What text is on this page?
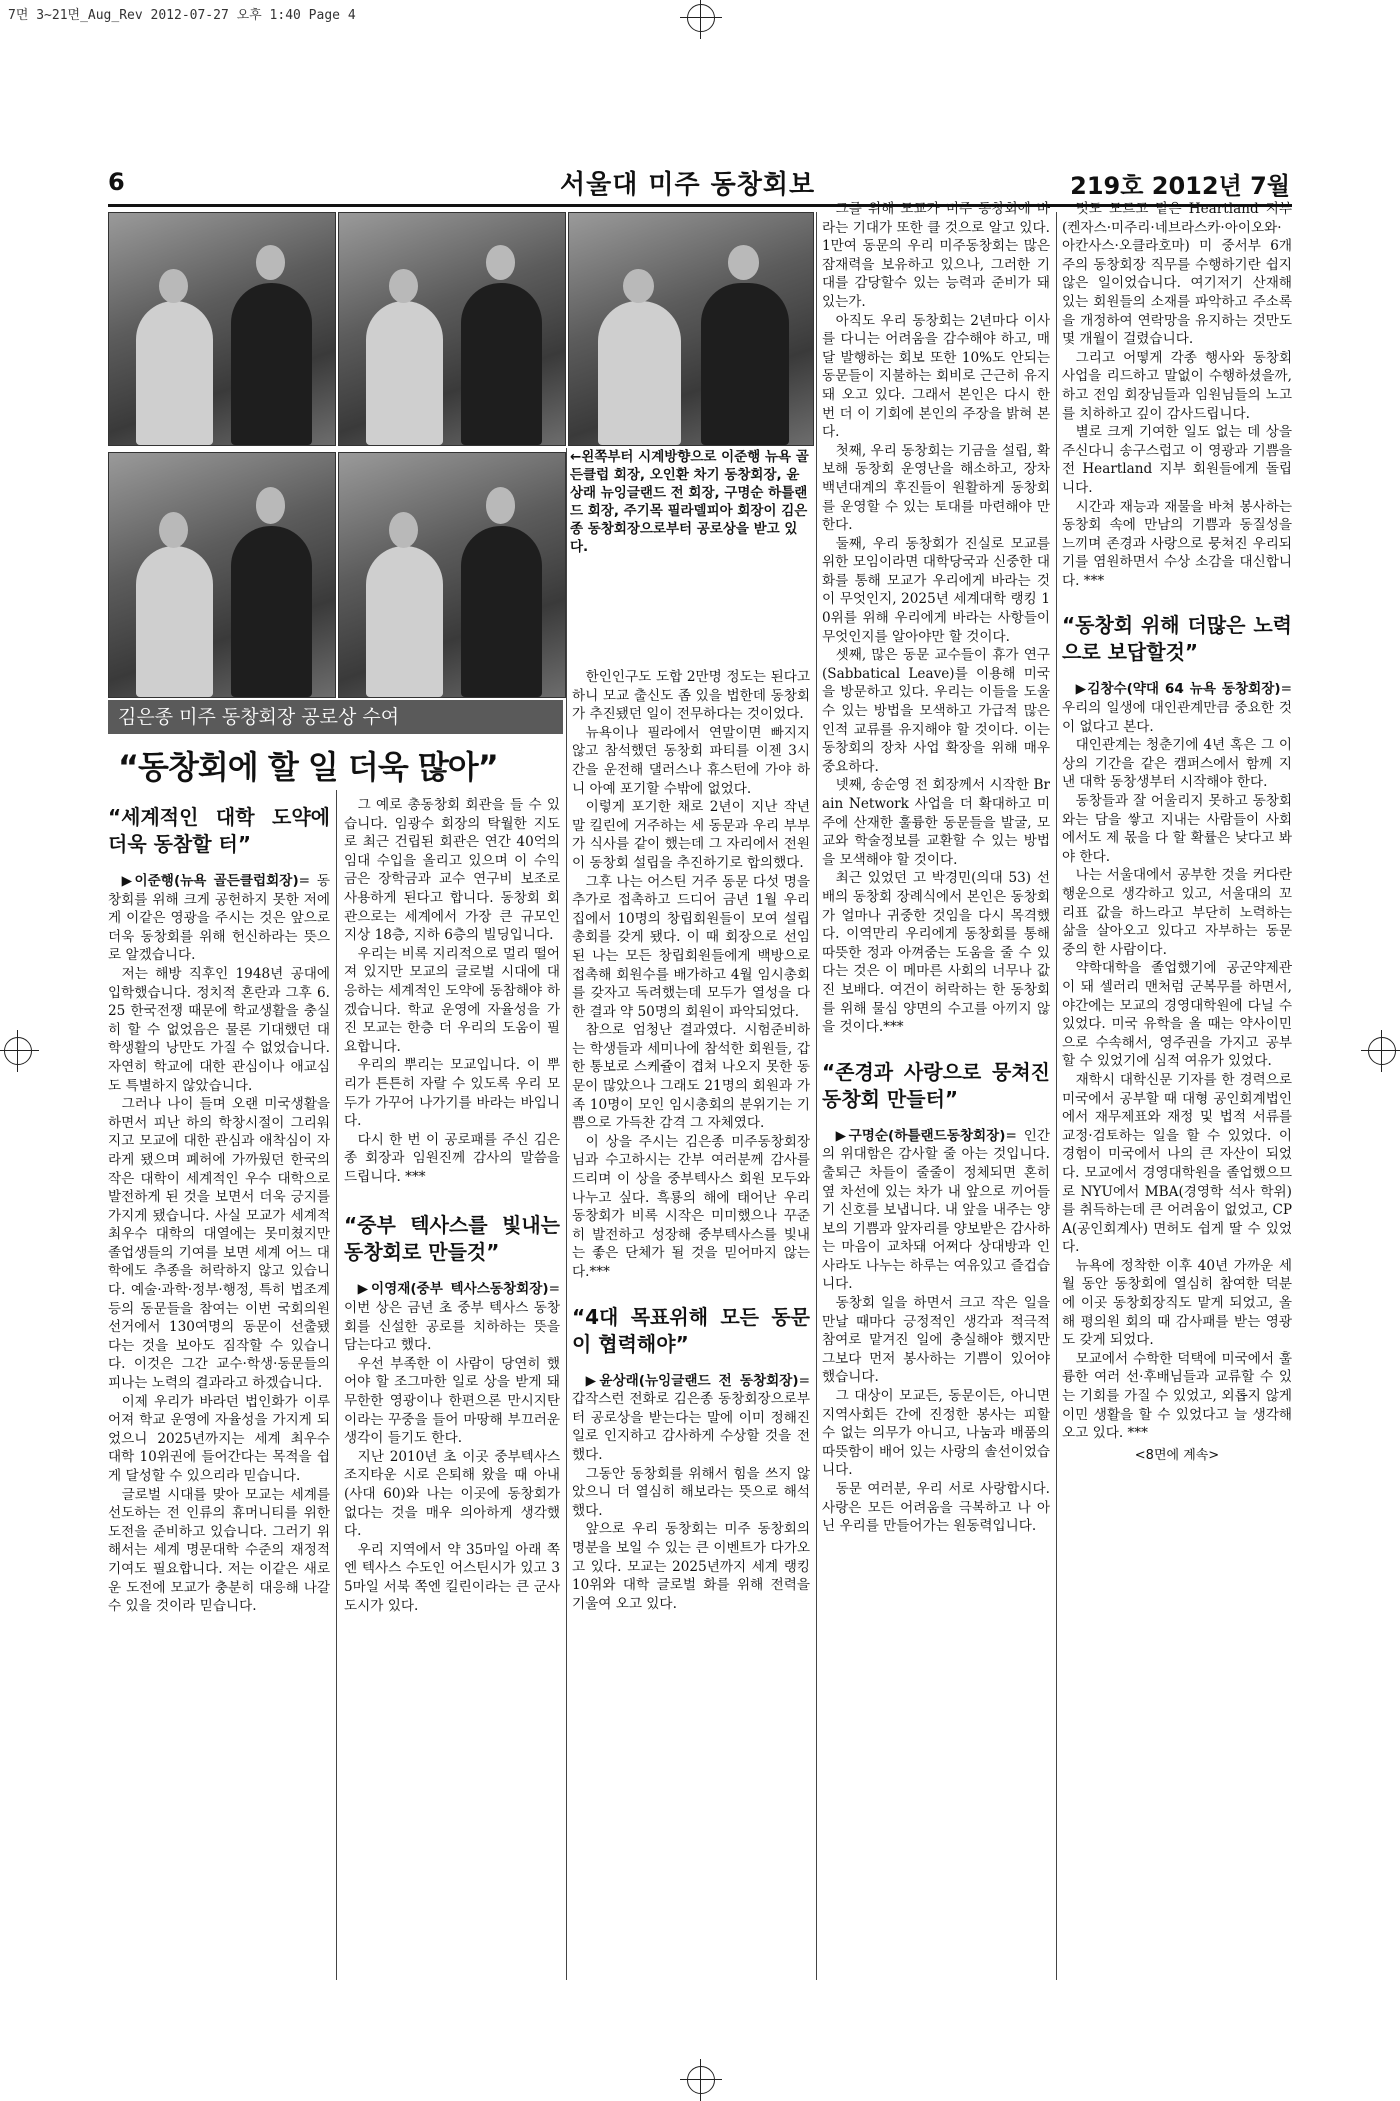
7면 3~21면_Aug_Rev 2012-07-27 오후 1:40 Page 4
6	서울대 미주 동창회보	219호 2012년 7월
←왼쪽부터 시계방향으로 이준행 뉴욕 골든클럽 회장, 오인환 차기 동창회장, 윤상래 뉴잉글랜드 전 회장, 구명순 하틀랜드 회장, 주기목 필라델피아 회장이 김은종 동창회장으로부터 공로상을 받고 있다.
김은종 미주 동창회장 공로상 수여
“동창회에 할 일 더욱 많아”
“세계적인 대학 도약에 더욱 동참할 터”

▶이준행(뉴욕 골든클럽회장)= 동창회를 위해 크게 공헌하지 못한 저에게 이같은 영광을 주시는 것은 앞으로 더욱 동창회를 위해 헌신하라는 뜻으로 알겠습니다.

저는 해방 직후인 1948년 공대에 입학했습니다. 정치적 혼란과 그후 6.25 한국전쟁 때문에 학교생활을 충실히 할 수 없었음은 물론 기대했던 대학생활의 낭만도 가질 수 없었습니다. 자연히 학교에 대한 관심이나 애교심도 특별하지 않았습니다.

그러나 나이 들며 오랜 미국생활을 하면서 피난 하의 학창시절이 그리워지고 모교에 대한 관심과 애착심이 자라게 됐으며 폐허에 가까웠던 한국의 작은 대학이 세계적인 우수 대학으로 발전하게 된 것을 보면서 더욱 긍지를 가지게 됐습니다. 사실 모교가 세계적 최우수 대학의 대열에는 못미쳤지만 졸업생들의 기여를 보면 세계 어느 대학에도 추종을 허락하지 않고 있습니다. 예술·과학·정부·행정, 특히 법조계 등의 동문들을 참여는 이번 국회의원 선거에서 130여명의 동문이 선출됐다는 것을 보아도 짐작할 수 있습니다. 이것은 그간 교수·학생·동문들의 피나는 노력의 결과라고 하겠습니다.

이제 우리가 바라던 법인화가 이루어져 학교 운영에 자율성을 가지게 되었으니 2025년까지는 세계 최우수 대학 10위권에 들어간다는 목적을 쉽게 달성할 수 있으리라 믿습니다.

글로벌 시대를 맞아 모교는 세계를 선도하는 전 인류의 휴머니티를 위한 도전을 준비하고 있습니다. 그러기 위해서는 세계 명문대학 수준의 재정적 기여도 필요합니다. 저는 이같은 새로운 도전에 모교가 충분히 대응해 나갈 수 있을 것이라 믿습니다.

그 예로 총동창회 회관을 들 수 있습니다. 임광수 회장의 탁월한 지도로 최근 건립된 회관은 연간 40억의 임대 수입을 올리고 있으며 이 수익금은 장학금과 교수 연구비 보조로 사용하게 된다고 합니다. 동창회 회관으로는 세계에서 가장 큰 규모인 지상 18층, 지하 6층의 빌딩입니다.

우리는 비록 지리적으로 멀리 떨어져 있지만 모교의 글로벌 시대에 대응하는 세계적인 도약에 동참해야 하겠습니다. 학교 운영에 자율성을 가진 모교는 한층 더 우리의 도움이 필요합니다.

우리의 뿌리는 모교입니다. 이 뿌리가 튼튼히 자랄 수 있도록 우리 모두가 가꾸어 나가기를 바라는 바입니다.

다시 한 번 이 공로패를 주신 김은종 회장과 임원진께 감사의 말씀을 드립니다. ***

“중부 텍사스를 빛내는 동창회로 만들것”

▶이영재(중부 텍사스동창회장)= 이번 상은 금년 초 중부 텍사스 동창회를 신설한 공로를 치하하는 뜻을 담는다고 했다.

우선 부족한 이 사람이 당연히 했어야 할 조그마한 일로 상을 받게 돼 무한한 영광이나 한편으론 만시지탄이라는 꾸중을 들어 마땅해 부끄러운 생각이 들기도 한다.

지난 2010년 초 이곳 중부텍사스 조지타운 시로 은퇴해 왔을 때 아내(사대 60)와 나는 이곳에 동창회가 없다는 것을 매우 의아하게 생각했다.

우리 지역에서 약 35마일 아래 쪽엔 텍사스 수도인 어스틴시가 있고 35마일 서북 쪽엔 킬린이라는 큰 군사도시가 있다.

한인인구도 도합 2만명 정도는 된다고 하니 모교 출신도 좀 있을 법한데 동창회가 추진됐던 일이 전무하다는 것이었다.

뉴욕이나 필라에서 연말이면 빠지지 않고 참석했던 동창회 파티를 이젠 3시간을 운전해 댈러스나 휴스턴에 가야 하니 아예 포기할 수밖에 없었다.

이렇게 포기한 채로 2년이 지난 작년 말 킬린에 거주하는 세 동문과 우리 부부가 식사를 같이 했는데 그 자리에서 전원이 동창회 설립을 추진하기로 합의했다.

그후 나는 어스틴 거주 동문 다섯 명을 추가로 접촉하고 드디어 금년 1월 우리 집에서 10명의 창립회원들이 모여 설립총회를 갖게 됐다. 이 때 회장으로 선임된 나는 모든 창립회원들에게 백방으로 접촉해 회원수를 배가하고 4월 임시총회를 갖자고 독려했는데 모두가 열성을 다 한 결과 약 50명의 회원이 파악되었다.

참으로 엄청난 결과였다. 시험준비하는 학생들과 세미나에 참석한 회원들, 갑한 통보로 스케쥴이 겹쳐 나오지 못한 동문이 많았으나 그래도 21명의 회원과 가족 10명이 모인 임시총회의 분위기는 기쁨으로 가득찬 감격 그 자체였다.

이 상을 주시는 김은종 미주동창회장님과 수고하시는 간부 여러분께 감사를 드리며 이 상을 중부텍사스 회원 모두와 나누고 싶다. 흑룡의 해에 태어난 우리 동창회가 비록 시작은 미미했으나 꾸준히 발전하고 성장해 중부텍사스를 빛내는 좋은 단체가 될 것을 믿어마지 않는다.***

“4대 목표위해 모든 동문이 협력해야”

▶윤상래(뉴잉글랜드 전 동창회장)= 갑작스런 전화로 김은종 동창회장으로부터 공로상을 받는다는 말에 이미 정해진 일로 인지하고 감사하게 수상할 것을 전했다.

그동안 동창회를 위해서 힘을 쓰지 않았으니 더 열심히 해보라는 뜻으로 해석했다.

앞으로 우리 동창회는 미주 동창회의 명분을 보일 수 있는 큰 이벤트가 다가오고 있다. 모교는 2025년까지 세계 랭킹 10위와 대학 글로벌 화를 위해 전력을 기울여 오고 있다.

그를 위해 모교가 미주 동창회에 바라는 기대가 또한 클 것으로 알고 있다. 1만여 동문의 우리 미주동창회는 많은 잠재력을 보유하고 있으나, 그러한 기대를 감당할수 있는 능력과 준비가 돼 있는가.

아직도 우리 동창회는 2년마다 이사를 다니는 어려움을 감수해야 하고, 매달 발행하는 회보 또한 10%도 안되는 동문들이 지불하는 회비로 근근히 유지돼 오고 있다. 그래서 본인은 다시 한 번 더 이 기회에 본인의 주장을 밝혀 본다.

첫째, 우리 동창회는 기금을 설립, 확보해 동창회 운영난을 해소하고, 장차 백년대계의 후진들이 원활하게 동창회를 운영할 수 있는 토대를 마련해야 만 한다.

둘째, 우리 동창회가 진실로 모교를 위한 모임이라면 대학당국과 신중한 대화를 통해 모교가 우리에게 바라는 것이 무엇인지, 2025년 세계대학 랭킹 10위를 위해 우리에게 바라는 사항들이 무엇인지를 알아야만 할 것이다.

셋째, 많은 동문 교수들이 휴가 연구(Sabbatical Leave)를 이용해 미국을 방문하고 있다. 우리는 이들을 도울수 있는 방법을 모색하고 가급적 많은 인적 교류를 유지해야 할 것이다. 이는 동창회의 장차 사업 확장을 위해 매우 중요하다.

넷째, 송순영 전 회장께서 시작한 Brain Network 사업을 더 확대하고 미주에 산재한 훌륭한 동문들을 발굴, 모교와 학술정보를 교환할 수 있는 방법을 모색해야 할 것이다.

최근 있었던 고 박경민(의대 53) 선배의 동창회 장례식에서 본인은 동창회가 얼마나 귀중한 것임을 다시 목격했다. 이역만리 우리에게 동창회를 통해 따뜻한 정과 아껴줌는 도움을 줄 수 있다는 것은 이 메마른 사회의 너무나 값진 보배다. 여건이 허락하는 한 동창회를 위해 물심 양면의 수고를 아끼지 않을 것이다.***

“존경과 사랑으로 뭉쳐진 동창회 만들터”

▶구명순(하틀랜드동창회장)= 인간의 위대함은 감사할 줄 아는 것입니다. 출퇴근 차들이 줄줄이 정체되면 혼히 옆 차선에 있는 차가 내 앞으로 끼어들기 신호를 보냅니다. 내 앞을 내주는 양보의 기쁨과 앞자리를 양보받은 감사하는 마음이 교차돼 어쩌다 상대방과 인사라도 나누는 하루는 여유있고 즐겁습니다.

동창회 일을 하면서 크고 작은 일을 만날 때마다 긍정적인 생각과 적극적 참여로 맡겨진 일에 충실해야 했지만 그보다 먼저 봉사하는 기쁨이 있어야 했습니다.

그 대상이 모교든, 동문이든, 아니면 지역사회든 간에 진정한 봉사는 피할 수 없는 의무가 아니고, 나눔과 배품의 따뜻함이 배어 있는 사랑의 솔선이었습니다.

동문 여러분, 우리 서로 사랑합시다. 사랑은 모든 어려움을 극복하고 나 아닌 우리를 만들어가는 원동력입니다.

멋도 모르고 맡은 Heartland 지부(켄자스·미주리·네브라스카·아이오와·아칸사스·오클라호마) 미 중서부 6개 주의 동창회장 직무를 수행하기란 쉽지 않은 일이었습니다. 여기저기 산재해 있는 회원들의 소재를 파악하고 주소록을 개정하여 연락망을 유지하는 것만도 몇 개월이 걸렸습니다.

그리고 어떻게 각종 행사와 동창회 사업을 리드하고 말없이 수행하셨을까, 하고 전임 회장님들과 임원님들의 노고를 치하하고 깊이 감사드립니다.

별로 크게 기여한 일도 없는 데 상을 주신다니 송구스럽고 이 영광과 기쁨을 전 Heartland 지부 회원들에게 돌립니다.

시간과 재능과 재물을 바쳐 봉사하는 동창회 속에 만남의 기쁨과 동질성을 느끼며 존경과 사랑으로 뭉쳐진 우리되기를 염원하면서 수상 소감을 대신합니다. ***

“동창회 위해 더많은 노력으로 보답할것”

▶김창수(약대 64 뉴욕 동창회장)= 우리의 일생에 대인관계만큼 중요한 것이 없다고 본다.

대인관계는 청춘기에 4년 혹은 그 이상의 기간을 같은 캠퍼스에서 함께 지낸 대학 동창생부터 시작해야 한다.

동창들과 잘 어울리지 못하고 동창회와는 담을 쌓고 지내는 사람들이 사회에서도 제 몫을 다 할 확률은 낮다고 봐야 한다.

나는 서울대에서 공부한 것을 커다란 행운으로 생각하고 있고, 서울대의 꼬리표 값을 하느라고 부단히 노력하는 삶을 살아오고 있다고 자부하는 동문 중의 한 사람이다.

약학대학을 졸업했기에 공군약제관이 돼 셀러리 맨처럼 군복무를 하면서, 야간에는 모교의 경영대학원에 다닐 수 있었다. 미국 유학을 올 때는 약사이민으로 수속해서, 영주권을 가지고 공부할 수 있었기에 심적 여유가 있었다.

재학시 대학신문 기자를 한 경력으로 미국에서 공부할 때 대형 공인회계법인에서 재무제표와 재정 및 법적 서류를 교정·검토하는 일을 할 수 있었다. 이 경험이 미국에서 나의 큰 자산이 되었다. 모교에서 경영대학원을 졸업했으므로 NYU에서 MBA(경영학 석사 학위)를 취득하는데 큰 어려움이 없었고, CPA(공인회계사) 면허도 쉽게 딸 수 있었다.

뉴욕에 정착한 이후 40년 가까운 세월 동안 동창회에 열심히 참여한 덕분에 이곳 동창회장직도 맡게 되었고, 올해 평의원 회의 때 감사패를 받는 영광도 갖게 되었다.

모교에서 수학한 덕택에 미국에서 훌륭한 여러 선·후배님들과 교류할 수 있는 기회를 가질 수 있었고, 외롭지 않게 이민 생활을 할 수 있었다고 늘 생각해오고 있다. ***

<8면에 계속>
